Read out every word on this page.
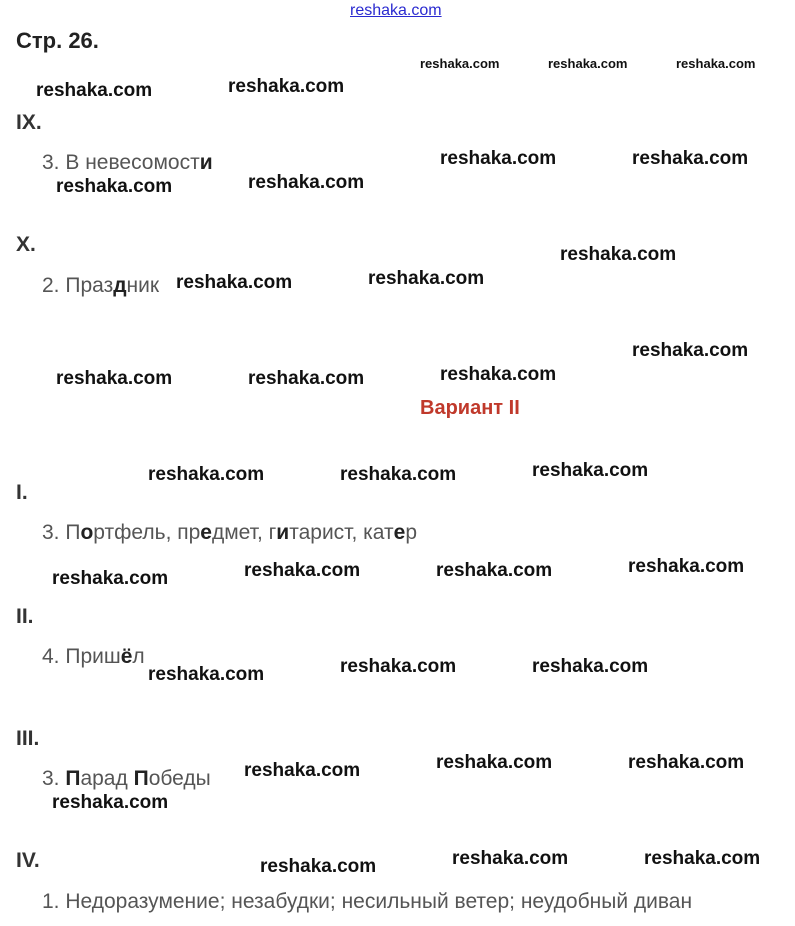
reshaka.com
Стр. 26.
reshaka.com	reshaka.com	reshaka.com
IX.
3. В невесомости
X.
2. Праздник
Вариант II
I.
3. Портфель, предмет, гитарист, катер
II.
4. Пришёл
III.
3. Парад Победы
IV.
1. Недоразумение; незабудки; несильный ветер; неудобный диван
reshaka.com	reshaka.com
reshaka.com	reshaka.com
reshaka.com	reshaka.com
reshaka.com
reshaka.com	reshaka.com
reshaka.com
reshaka.com	reshaka.com	reshaka.com
reshaka.com	reshaka.com	reshaka.com
reshaka.com	reshaka.com	reshaka.com	reshaka.com
reshaka.com	reshaka.com
reshaka.com
reshaka.com	reshaka.com	reshaka.com
reshaka.com
reshaka.com	reshaka.com	reshaka.com
